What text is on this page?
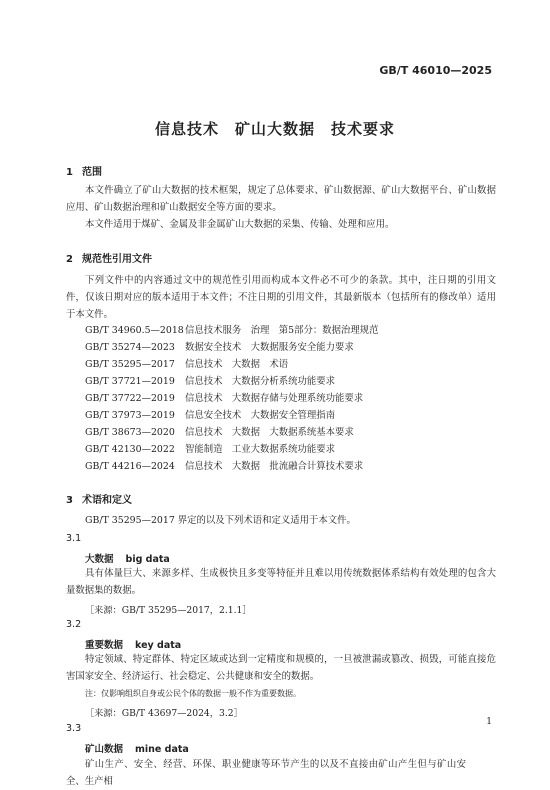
GB/T 46010—2025
信息技术　矿山大数据　技术要求
1 范围
本文件确立了矿山大数据的技术框架，规定了总体要求、矿山数据源、矿山大数据平台、矿山数据应用、矿山数据治理和矿山数据安全等方面的要求。
本文件适用于煤矿、金属及非金属矿山大数据的采集、传输、处理和应用。
2 规范性引用文件
下列文件中的内容通过文中的规范性引用而构成本文件必不可少的条款。其中，注日期的引用文件，仅该日期对应的版本适用于本文件；不注日期的引用文件，其最新版本（包括所有的修改单）适用于本文件。
GB/T 34960.5—2018信息技术服务　治理　第5部分：数据治理规范
GB/T 35274—2023 数据安全技术　大数据服务安全能力要求
GB/T 35295—2017 信息技术　大数据　术语
GB/T 37721—2019 信息技术　大数据分析系统功能要求
GB/T 37722—2019 信息技术　大数据存储与处理系统功能要求
GB/T 37973—2019 信息安全技术　大数据安全管理指南
GB/T 38673—2020 信息技术　大数据　大数据系统基本要求
GB/T 42130—2022 智能制造　工业大数据系统功能要求
GB/T 44216—2024 信息技术　大数据　批流融合计算技术要求
3 术语和定义
GB/T 35295—2017 界定的以及下列术语和定义适用于本文件。
3.1
大数据 big data
具有体量巨大、来源多样、生成极快且多变等特征并且难以用传统数据体系结构有效处理的包含大量数据集的数据。
［来源：GB/T 35295—2017，2.1.1］
3.2
重要数据 key data
特定领域、特定群体、特定区域或达到一定精度和规模的，一旦被泄漏或篡改、损毁，可能直接危害国家安全、经济运行、社会稳定、公共健康和安全的数据。
注：仅影响组织自身或公民个体的数据一般不作为重要数据。
［来源：GB/T 43697—2024，3.2］
3.3
矿山数据 mine data
矿山生产、安全、经营、环保、职业健康等环节产生的以及不直接由矿山产生但与矿山安全、生产相
1
